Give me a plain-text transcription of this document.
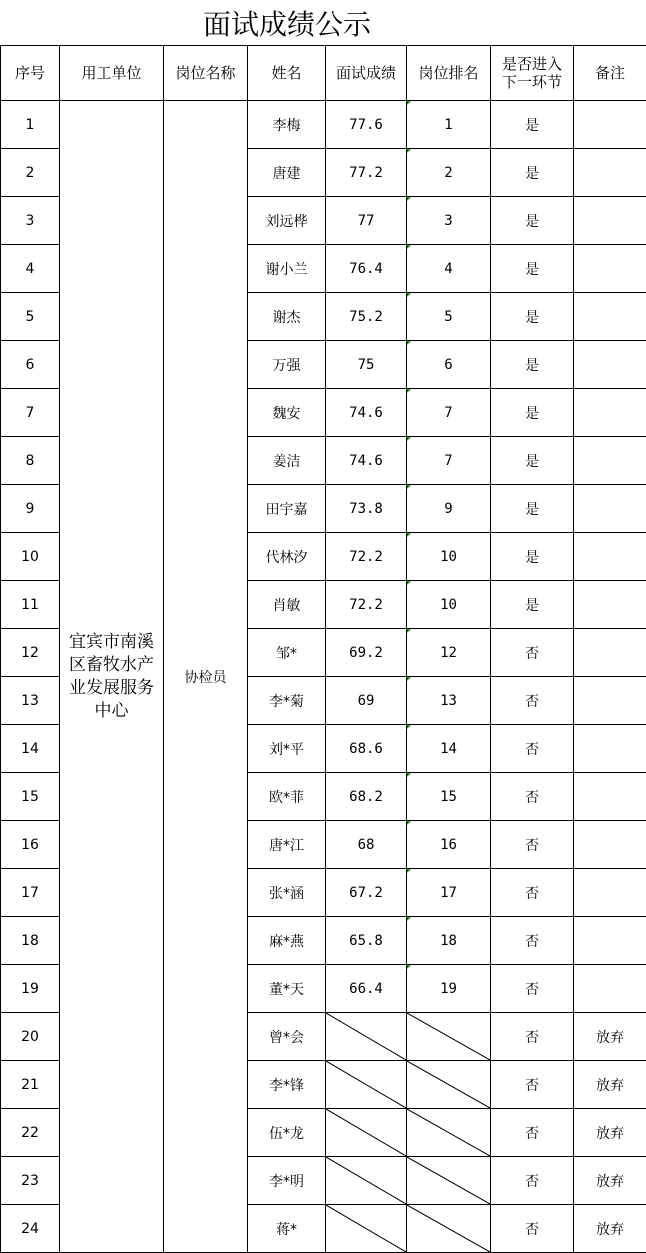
面试成绩公示
序号	用工单位	岗位名称	姓名	面试成绩	岗位排名	是否进入下一环节	备注
1	宜宾市南溪区畜牧水产业发展服务中心	协检员	李梅	77.6	1	是	
2			唐建	77.2	2	是	
3			刘远桦	77	3	是	
4			谢小兰	76.4	4	是	
5			谢杰	75.2	5	是	
6			万强	75	6	是	
7			魏安	74.6	7	是	
8			姜洁	74.6	7	是	
9			田宇嘉	73.8	9	是	
10			代林汐	72.2	10	是	
11			肖敏	72.2	10	是	
12			邹*	69.2	12	否	
13			李*菊	69	13	否	
14			刘*平	68.6	14	否	
15			欧*菲	68.2	15	否	
16			唐*江	68	16	否	
17			张*涵	67.2	17	否	
18			麻*燕	65.8	18	否	
19			董*天	66.4	19	否	
20			曾*会			否	放弃
21			李*锋			否	放弃
22			伍*龙			否	放弃
23			李*明			否	放弃
24			蒋*			否	放弃
